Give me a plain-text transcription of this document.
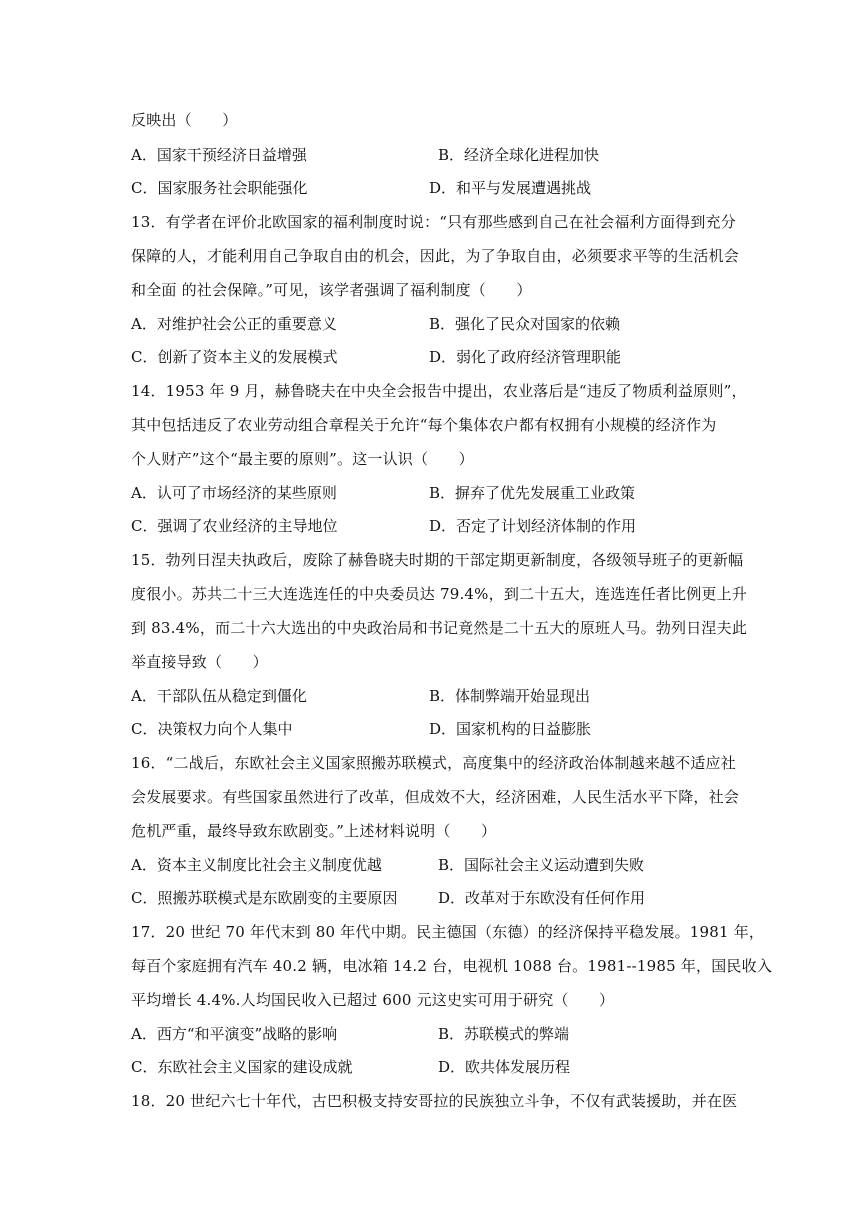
反映出（　　）
A．国家干预经济日益增强	B．经济全球化进程加快
C．国家服务社会职能强化	D．和平与发展遭遇挑战
13．有学者在评价北欧国家的福利制度时说：“只有那些感到自己在社会福利方面得到充分
保障的人，才能利用自己争取自由的机会，因此，为了争取自由，必须要求平等的生活机会
和全面 的社会保障。”可见，该学者强调了福利制度（　　）
A．对维护社会公正的重要意义	B．强化了民众对国家的依赖
C．创新了资本主义的发展模式	D．弱化了政府经济管理职能
14．1953 年 9 月，赫鲁晓夫在中央全会报告中提出，农业落后是“违反了物质利益原则”，
其中包括违反了农业劳动组合章程关于允许“每个集体农户都有权拥有小规模的经济作为
个人财产”这个“最主要的原则”。这一认识（　　）
A．认可了市场经济的某些原则	B．摒弃了优先发展重工业政策
C．强调了农业经济的主导地位	D．否定了计划经济体制的作用
15．勃列日涅夫执政后，废除了赫鲁晓夫时期的干部定期更新制度，各级领导班子的更新幅
度很小。苏共二十三大连选连任的中央委员达 79.4%，到二十五大，连选连任者比例更上升
到 83.4%，而二十六大选出的中央政治局和书记竟然是二十五大的原班人马。勃列日涅夫此
举直接导致（　　）
A．干部队伍从稳定到僵化	B．体制弊端开始显现出
C．决策权力向个人集中	D．国家机构的日益膨胀
16．“二战后，东欧社会主义国家照搬苏联模式，高度集中的经济政治体制越来越不适应社
会发展要求。有些国家虽然进行了改革，但成效不大，经济困难，人民生活水平下降，社会
危机严重，最终导致东欧剧变。”上述材料说明（　　）
A．资本主义制度比社会主义制度优越	B．国际社会主义运动遭到失败
C．照搬苏联模式是东欧剧变的主要原因	D．改革对于东欧没有任何作用
17．20 世纪 70 年代末到 80 年代中期。民主德国（东德）的经济保持平稳发展。1981 年，
每百个家庭拥有汽车 40.2 辆，电冰箱 14.2 台，电视机 1088 台。1981--1985 年，国民收入
平均增长 4.4%.人均国民收入已超过 600 元这史实可用于研究（　　）
A．西方“和平演变”战略的影响	B．苏联模式的弊端
C．东欧社会主义国家的建设成就	D．欧共体发展历程
18．20 世纪六七十年代，古巴积极支持安哥拉的民族独立斗争，不仅有武装援助，并在医
